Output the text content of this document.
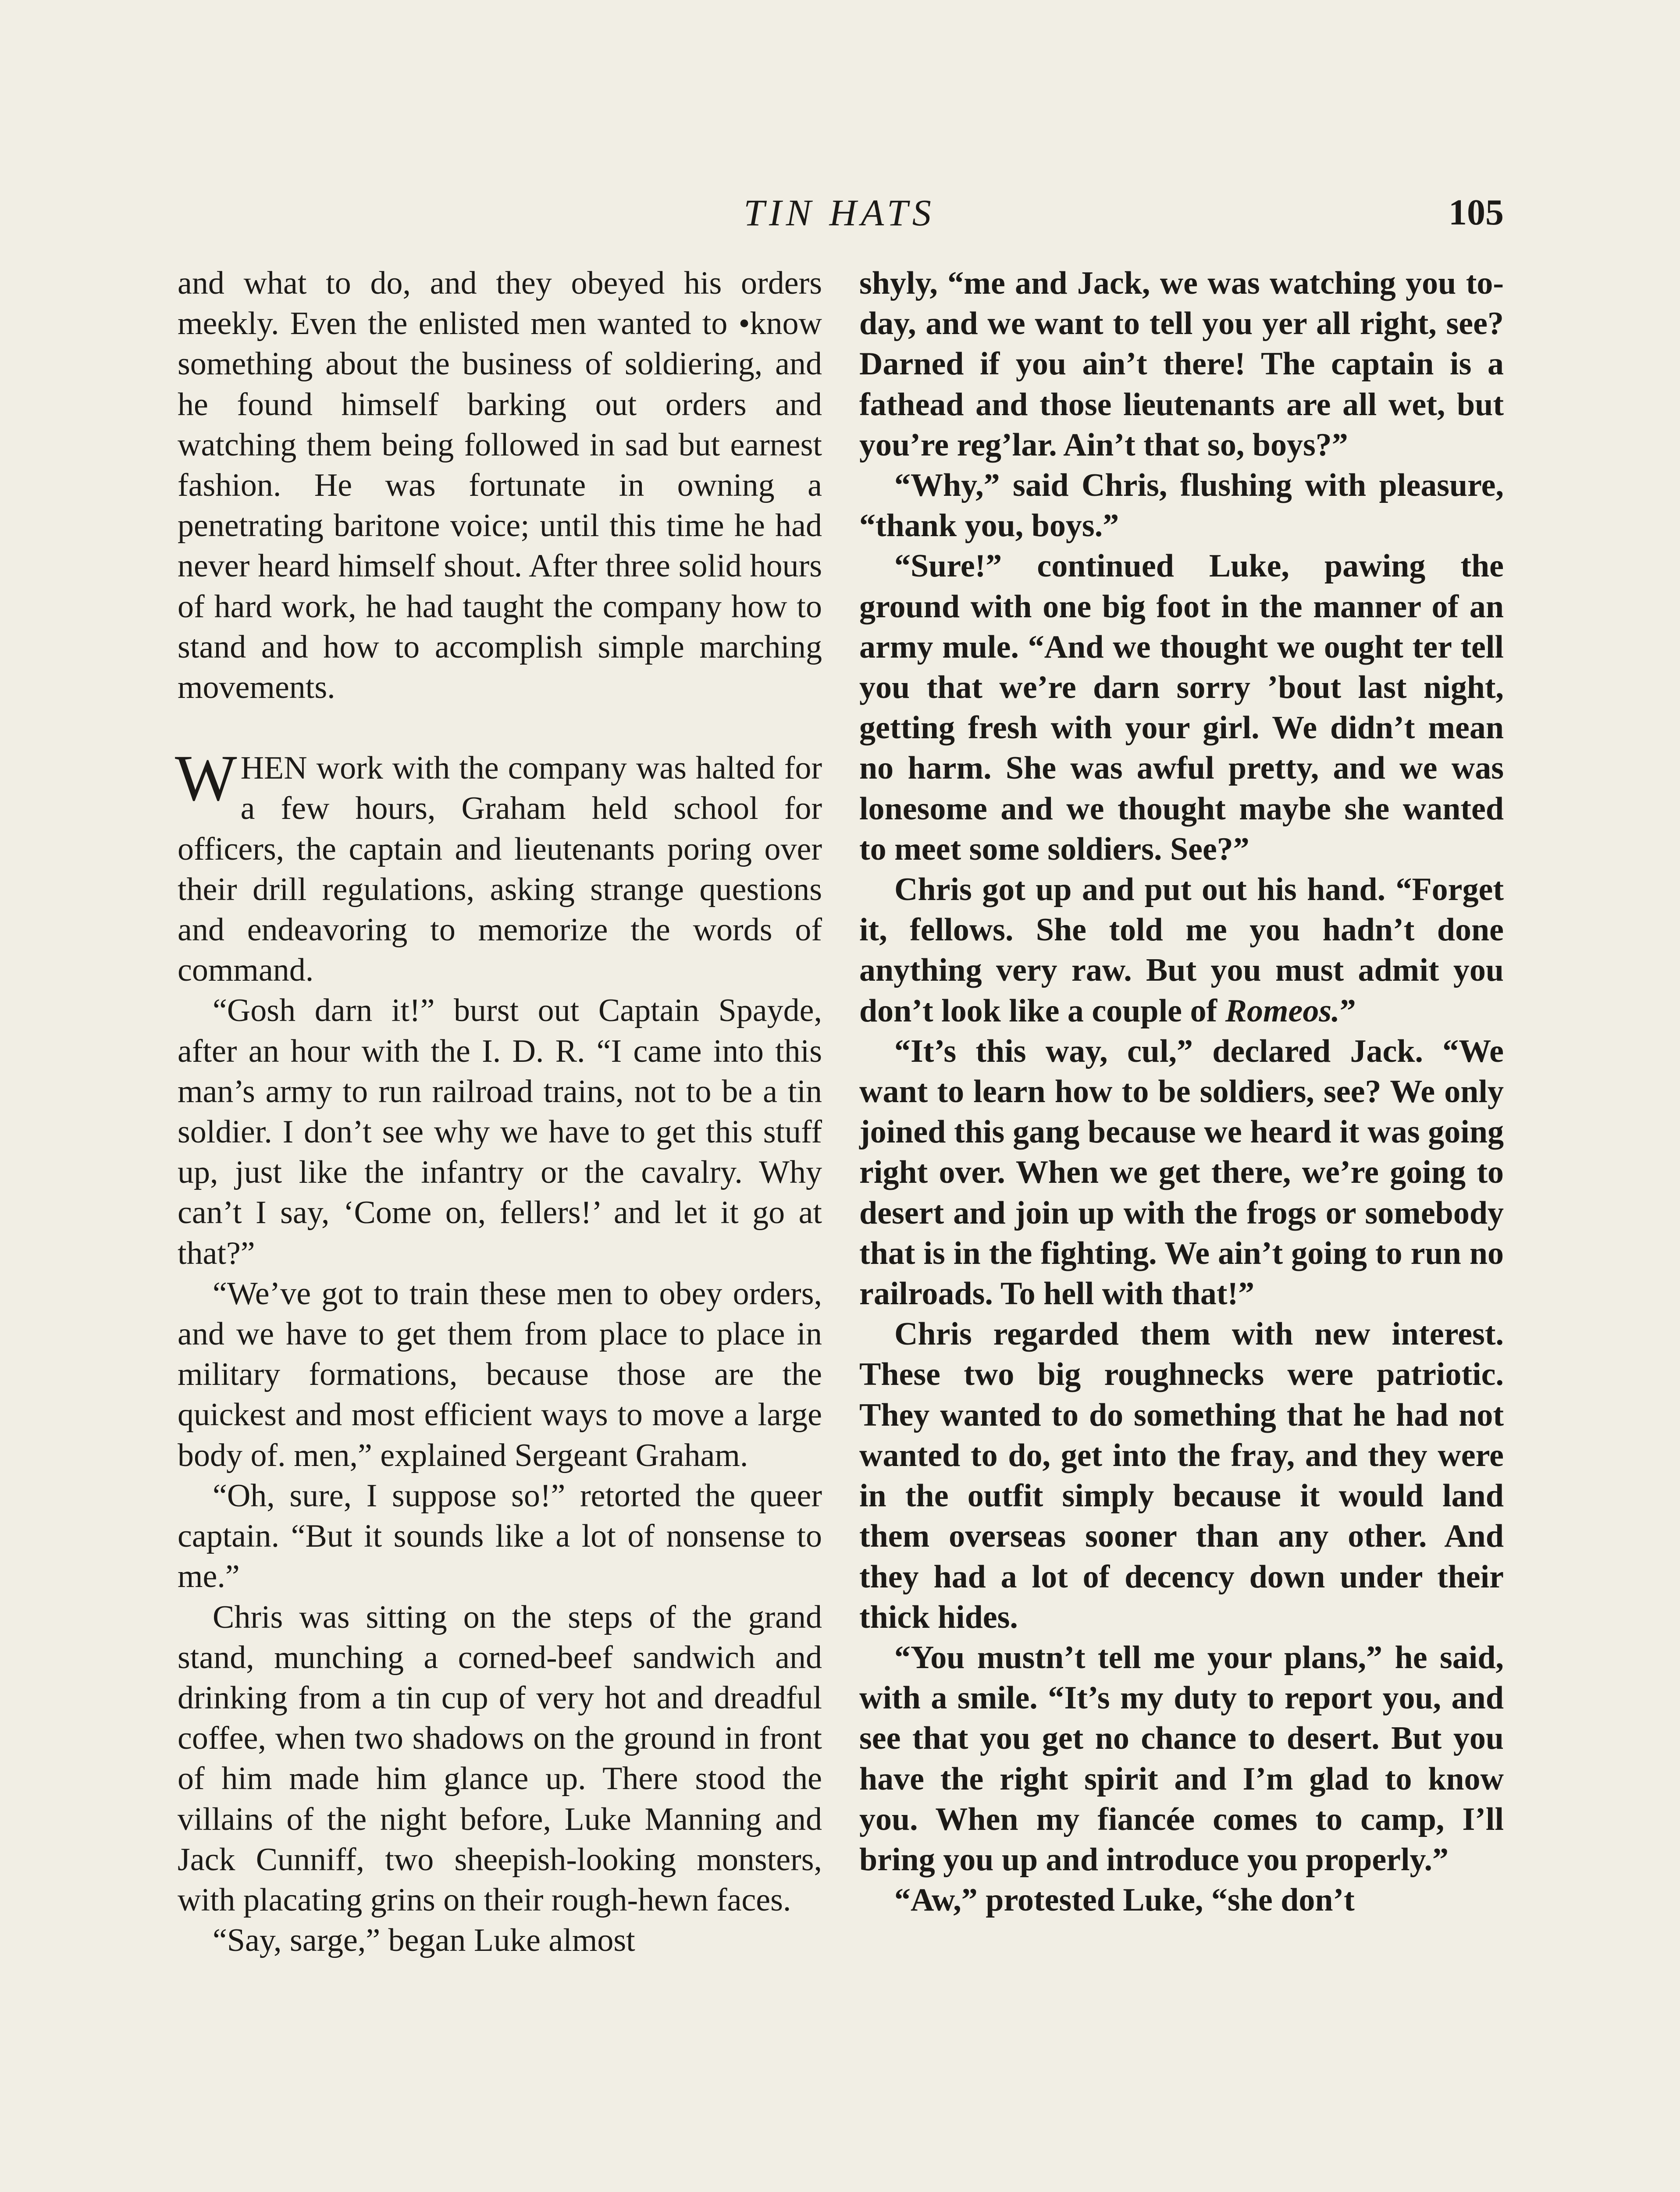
TIN HATS	105

and what to do, and they obeyed his orders meekly. Even the enlisted men wanted to •know something about the business of soldiering, and he found himself barking out orders and watching them being followed in sad but earnest fashion. He was fortunate in owning a penetrating baritone voice; until this time he had never heard himself shout. After three solid hours of hard work, he had taught the company how to stand and how to accomplish simple marching movements.

WHEN work with the company was halted for a few hours, Graham held school for officers, the captain and lieutenants poring over their drill regulations, asking strange questions and endeavoring to memorize the words of command.

“Gosh darn it!” burst out Captain Spayde, after an hour with the I. D. R. “I came into this man’s army to run railroad trains, not to be a tin soldier. I don’t see why we have to get this stuff up, just like the infantry or the cavalry. Why can’t I say, ‘Come on, fellers!’ and let it go at that?”

“We’ve got to train these men to obey orders, and we have to get them from place to place in military formations, because those are the quickest and most efficient ways to move a large body of. men,” explained Sergeant Graham.

“Oh, sure, I suppose so!” retorted the queer captain. “But it sounds like a lot of nonsense to me.”

Chris was sitting on the steps of the grand stand, munching a corned-beef sandwich and drinking from a tin cup of very hot and dreadful coffee, when two shadows on the ground in front of him made him glance up. There stood the villains of the night before, Luke Manning and Jack Cunniff, two sheepish-looking monsters, with placating grins on their rough-hewn faces.

“Say, sarge,” began Luke almost

shyly, “me and Jack, we was watching you to-day, and we want to tell you yer all right, see? Darned if you ain’t there! The captain is a fathead and those lieutenants are all wet, but you’re reg’lar. Ain’t that so, boys?”

“Why,” said Chris, flushing with pleasure, “thank you, boys.”

“Sure!” continued Luke, pawing the ground with one big foot in the manner of an army mule. “And we thought we ought ter tell you that we’re darn sorry ’bout last night, getting fresh with your girl. We didn’t mean no harm. She was awful pretty, and we was lonesome and we thought maybe she wanted to meet some soldiers. See?”

Chris got up and put out his hand. “Forget it, fellows. She told me you hadn’t done anything very raw. But you must admit you don’t look like a couple of Romeos.”

“It’s this way, cul,” declared Jack. “We want to learn how to be soldiers, see? We only joined this gang because we heard it was going right over. When we get there, we’re going to desert and join up with the frogs or somebody that is in the fighting. We ain’t going to run no railroads. To hell with that!”

Chris regarded them with new interest. These two big roughnecks were patriotic. They wanted to do something that he had not wanted to do, get into the fray, and they were in the outfit simply because it would land them overseas sooner than any other. And they had a lot of decency down under their thick hides.

“You mustn’t tell me your plans,” he said, with a smile. “It’s my duty to report you, and see that you get no chance to desert. But you have the right spirit and I’m glad to know you. When my fiancée comes to camp, I’ll bring you up and introduce you properly.”

“Aw,” protested Luke, “she don’t
